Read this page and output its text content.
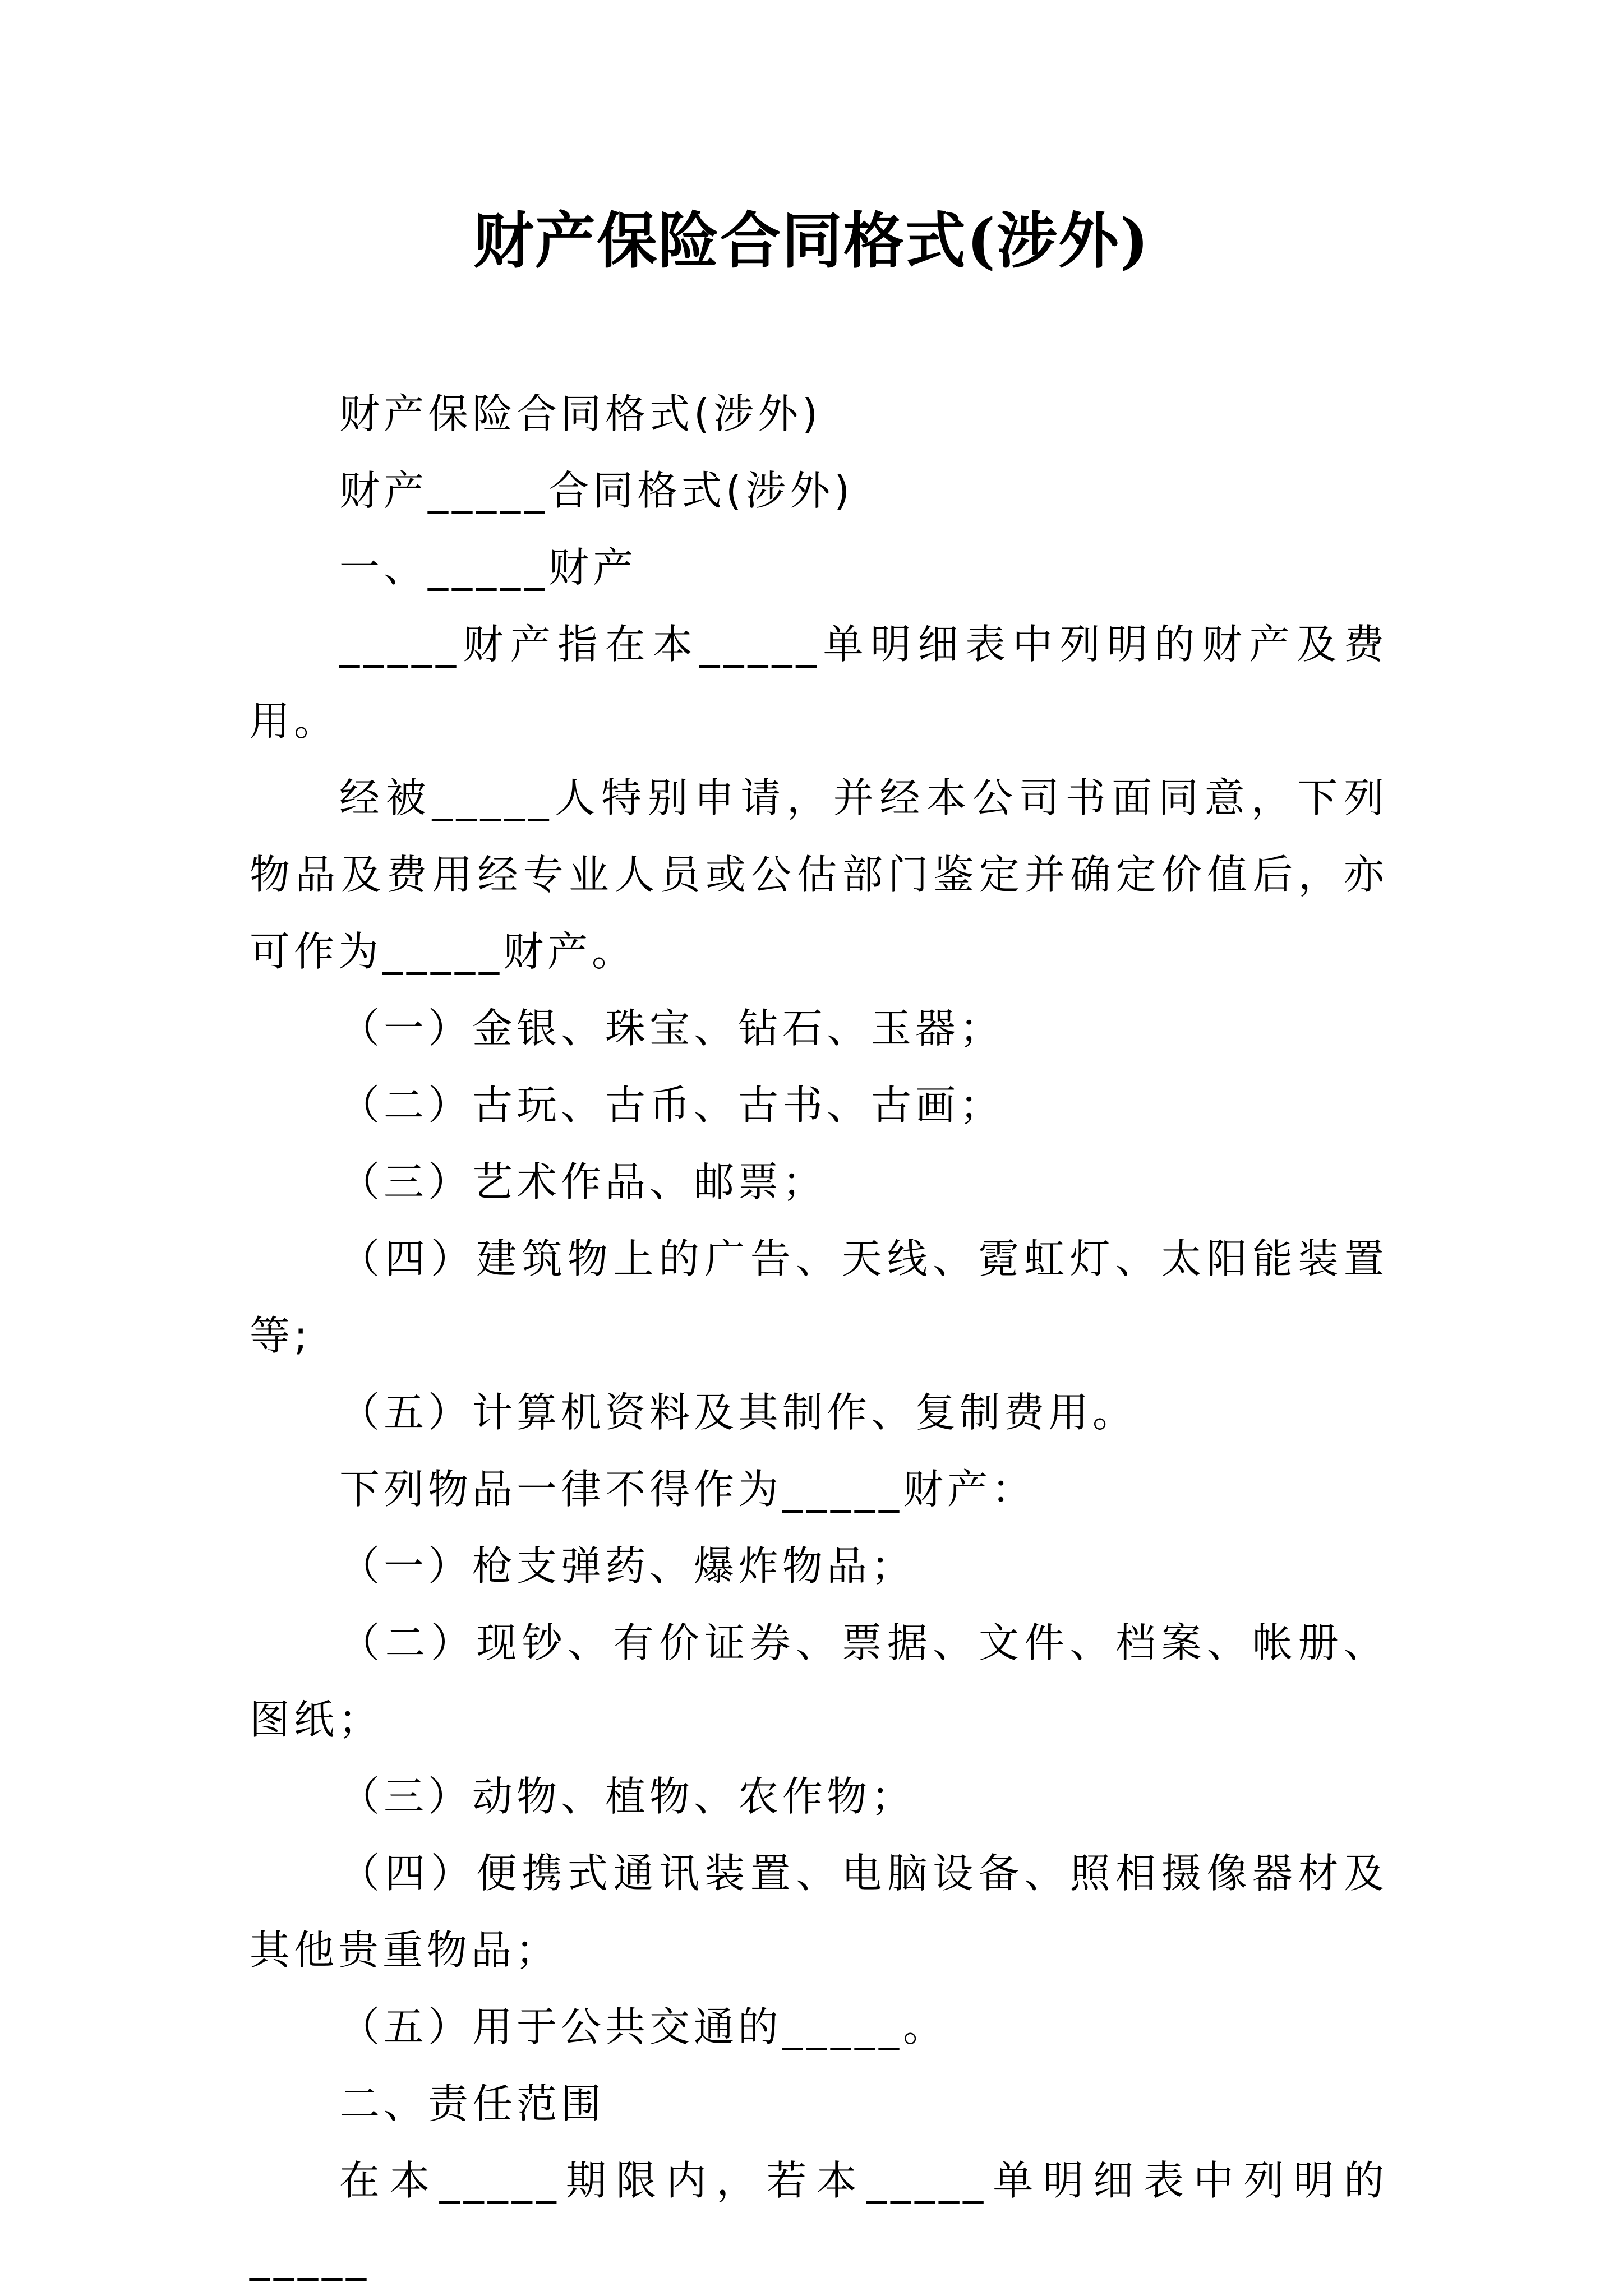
财产保险合同格式(涉外)

财产保险合同格式(涉外)

财产_____合同格式(涉外)

一、_____财产

_____财产指在本_____单明细表中列明的财产及费用。

经被_____人特别申请，并经本公司书面同意，下列物品及费用经专业人员或公估部门鉴定并确定价值后，亦可作为_____财产。

（一）金银、珠宝、钻石、玉器；

（二）古玩、古币、古书、古画；

（三）艺术作品、邮票；

（四）建筑物上的广告、天线、霓虹灯、太阳能装置等;

（五）计算机资料及其制作、复制费用。

下列物品一律不得作为_____财产：

（一）枪支弹药、爆炸物品；

（二）现钞、有价证券、票据、文件、档案、帐册、图纸；

（三）动物、植物、农作物；

（四）便携式通讯装置、电脑设备、照相摄像器材及其他贵重物品；

（五）用于公共交通的_____。

二、责任范围

在本_____期限内，若本_____单明细表中列明的_____
